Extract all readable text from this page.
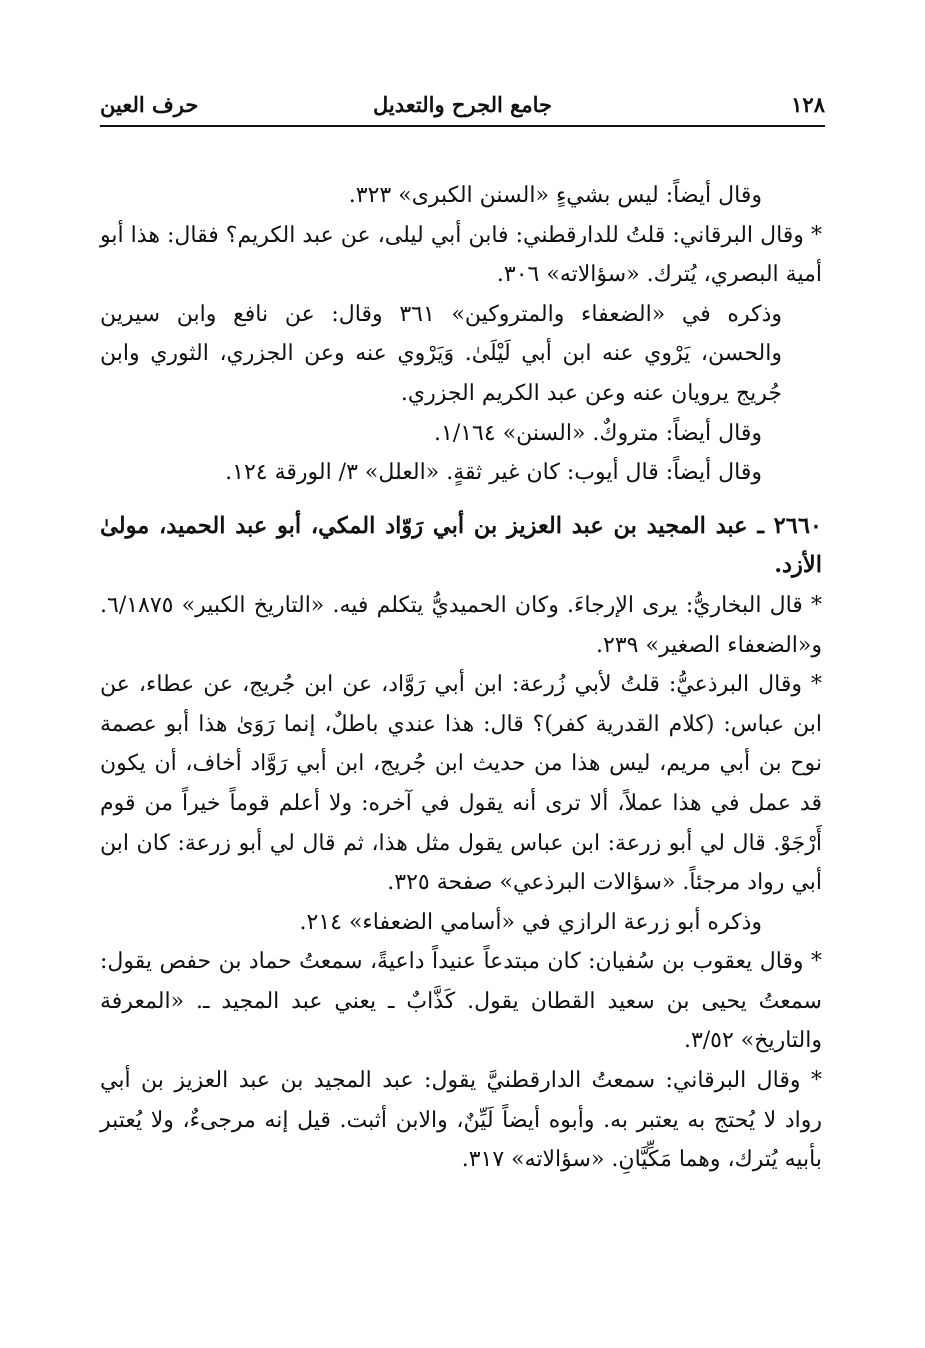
١٢٨
جامع الجرح والتعديل
حرف العين

وقال أيضاً: ليس بشيءٍ «السنن الكبرى» ٣٢٣.

* وقال البرقاني: قلتُ للدارقطني: فابن أبي ليلى، عن عبد الكريم؟ فقال: هذا أبو أمية البصري، يُترك. «سؤالاته» ٣٠٦.

وذكره في «الضعفاء والمتروكين» ٣٦١ وقال: عن نافع وابن سيرين والحسن، يَرْوي عنه ابن أبي لَيْلَىٰ. وَيَرْوي عنه وعن الجزري، الثوري وابن جُريج يرويان عنه وعن عبد الكريم الجزري.

وقال أيضاً: متروكٌ. «السنن» ١/١٦٤.

وقال أيضاً: قال أيوب: كان غير ثقةٍ. «العلل» ٣/ الورقة ١٢٤.

٢٦٦٠ ـ عبد المجيد بن عبد العزيز بن أبي رَوّاد المكي، أبو عبد الحميد، مولىٰ الأزد.

* قال البخاريُّ: يرى الإرجاءَ. وكان الحميديُّ يتكلم فيه. «التاريخ الكبير» ٦/١٨٧٥. و«الضعفاء الصغير» ٢٣٩.

* وقال البرذعيُّ: قلتُ لأبي زُرعة: ابن أبي رَوَّاد، عن ابن جُريج، عن عطاء، عن ابن عباس: (كلام القدرية كفر)؟ قال: هذا عندي باطلٌ، إنما رَوَىٰ هذا أبو عصمة نوح بن أبي مريم، ليس هذا من حديث ابن جُريج، ابن أبي رَوَّاد أخاف، أن يكون قد عمل في هذا عملاً، ألا ترى أنه يقول في آخره: ولا أعلم قوماً خيراً من قوم أَرْجَوْ. قال لي أبو زرعة: ابن عباس يقول مثل هذا، ثم قال لي أبو زرعة: كان ابن أبي رواد مرجئاً. «سؤالات البرذعي» صفحة ٣٢٥.

وذكره أبو زرعة الرازي في «أسامي الضعفاء» ٢١٤.

* وقال يعقوب بن سُفيان: كان مبتدعاً عنيداً داعيةً، سمعتُ حماد بن حفص يقول: سمعتُ يحيى بن سعيد القطان يقول. كَذَّابٌ ـ يعني عبد المجيد ـ. «المعرفة والتاريخ» ٣/٥٢.

* وقال البرقاني: سمعتُ الدارقطنيَّ يقول: عبد المجيد بن عبد العزيز بن أبي رواد لا يُحتج به يعتبر به. وأبوه أيضاً لَيِّنٌ، والابن أثبت. قيل إنه مرجىءٌ، ولا يُعتبر بأبيه يُترك، وهما مَكِّيَّانِ. «سؤالاته» ٣١٧.
